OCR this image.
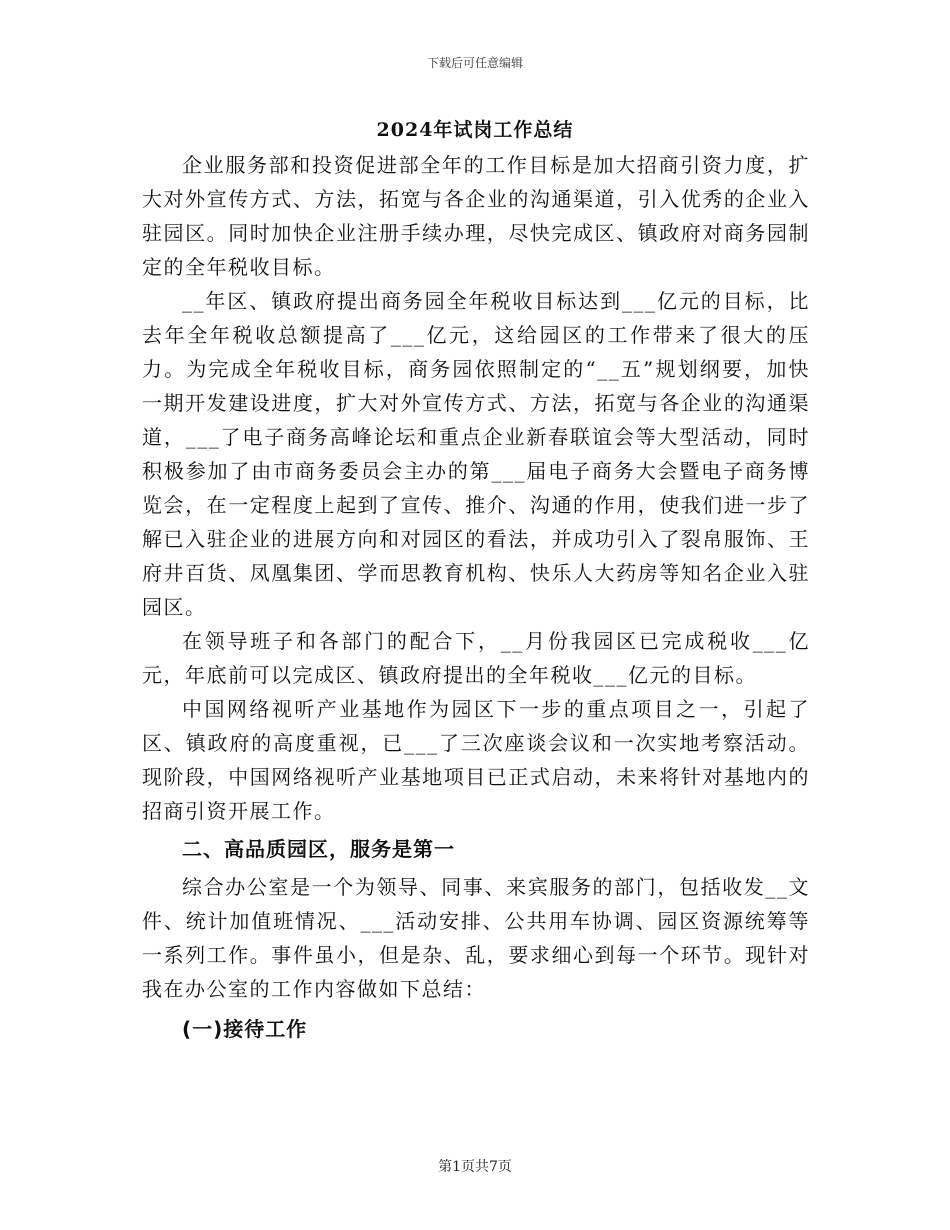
下载后可任意编辑
2024年试岗工作总结

企业服务部和投资促进部全年的工作目标是加大招商引资力度，扩大对外宣传方式、方法，拓宽与各企业的沟通渠道，引入优秀的企业入驻园区。同时加快企业注册手续办理，尽快完成区、镇政府对商务园制定的全年税收目标。

__年区、镇政府提出商务园全年税收目标达到___亿元的目标，比去年全年税收总额提高了___亿元，这给园区的工作带来了很大的压力。为完成全年税收目标，商务园依照制定的“__五”规划纲要，加快一期开发建设进度，扩大对外宣传方式、方法，拓宽与各企业的沟通渠道，___了电子商务高峰论坛和重点企业新春联谊会等大型活动，同时积极参加了由市商务委员会主办的第___届电子商务大会暨电子商务博览会，在一定程度上起到了宣传、推介、沟通的作用，使我们进一步了解已入驻企业的进展方向和对园区的看法，并成功引入了裂帛服饰、王府井百货、凤凰集团、学而思教育机构、快乐人大药房等知名企业入驻园区。

在领导班子和各部门的配合下，__月份我园区已完成税收___亿元，年底前可以完成区、镇政府提出的全年税收___亿元的目标。

中国网络视听产业基地作为园区下一步的重点项目之一，引起了区、镇政府的高度重视，已___了三次座谈会议和一次实地考察活动。现阶段，中国网络视听产业基地项目已正式启动，未来将针对基地内的招商引资开展工作。

二、高品质园区，服务是第一

综合办公室是一个为领导、同事、来宾服务的部门，包括收发__文件、统计加值班情况、___活动安排、公共用车协调、园区资源统筹等一系列工作。事件虽小，但是杂、乱，要求细心到每一个环节。现针对我在办公室的工作内容做如下总结：

(一)接待工作

第1页共7页
